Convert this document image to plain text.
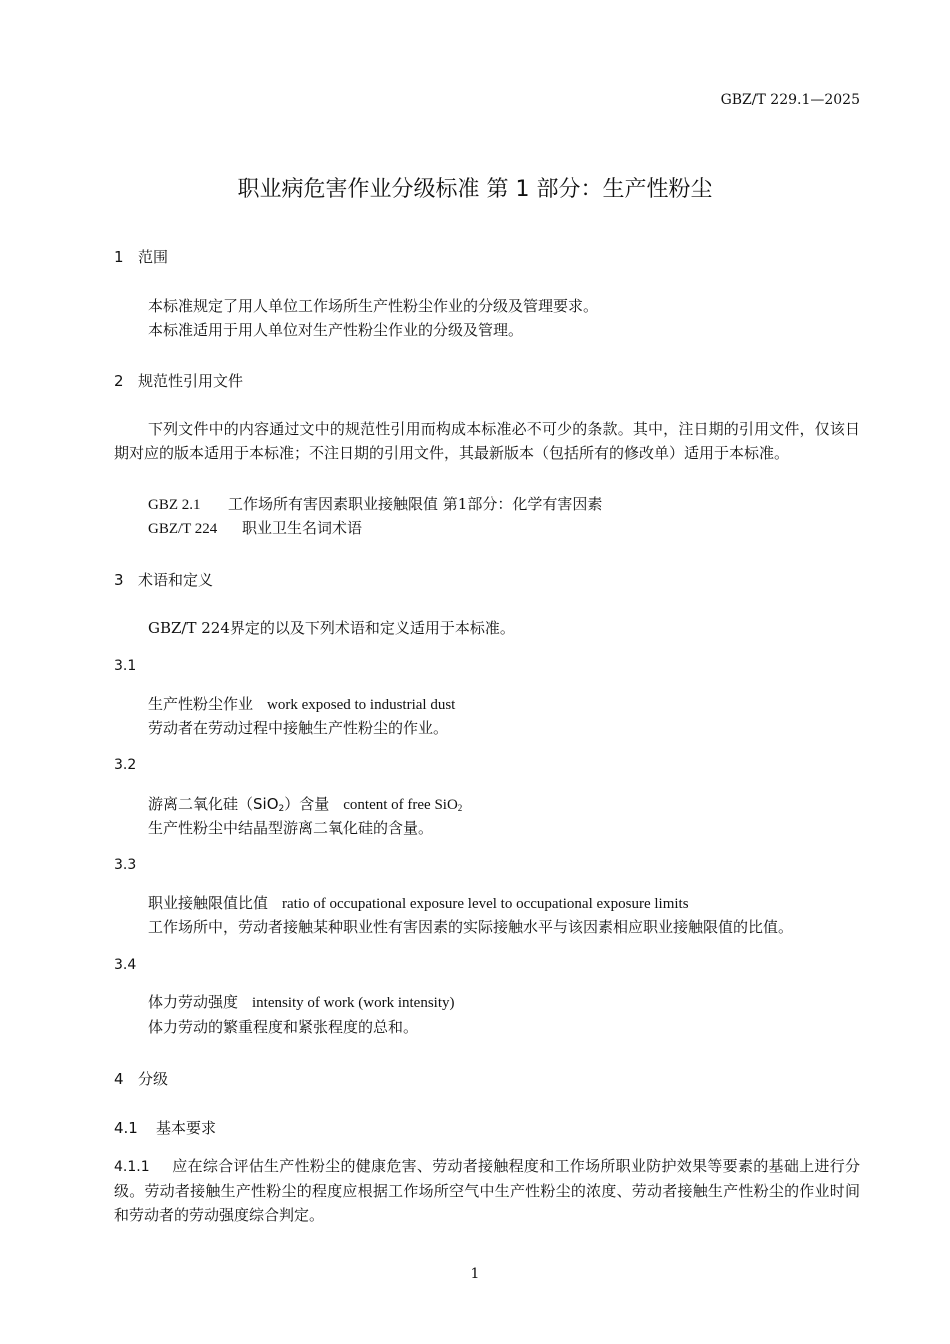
GBZ/T 229.1—2025
职业病危害作业分级标准 第 1 部分：生产性粉尘
1 范围
本标准规定了用人单位工作场所生产性粉尘作业的分级及管理要求。
本标准适用于用人单位对生产性粉尘作业的分级及管理。
2 规范性引用文件
下列文件中的内容通过文中的规范性引用而构成本标准必不可少的条款。其中，注日期的引用文件，仅该日期对应的版本适用于本标准；不注日期的引用文件，其最新版本（包括所有的修改单）适用于本标准。
GBZ 2.1 工作场所有害因素职业接触限值 第1部分：化学有害因素
GBZ/T 224 职业卫生名词术语
3 术语和定义
GBZ/T 224界定的以及下列术语和定义适用于本标准。
3.1
生产性粉尘作业 work exposed to industrial dust
劳动者在劳动过程中接触生产性粉尘的作业。
3.2
游离二氧化硅（SiO$_2$）含量 content of free SiO$_2$
生产性粉尘中结晶型游离二氧化硅的含量。
3.3
职业接触限值比值 ratio of occupational exposure level to occupational exposure limits
工作场所中，劳动者接触某种职业性有害因素的实际接触水平与该因素相应职业接触限值的比值。
3.4
体力劳动强度 intensity of work (work intensity)
体力劳动的繁重程度和紧张程度的总和。
4 分级
4.1 基本要求
4.1.1 应在综合评估生产性粉尘的健康危害、劳动者接触程度和工作场所职业防护效果等要素的基础上进行分级。劳动者接触生产性粉尘的程度应根据工作场所空气中生产性粉尘的浓度、劳动者接触生产性粉尘的作业时间和劳动者的劳动强度综合判定。
1
